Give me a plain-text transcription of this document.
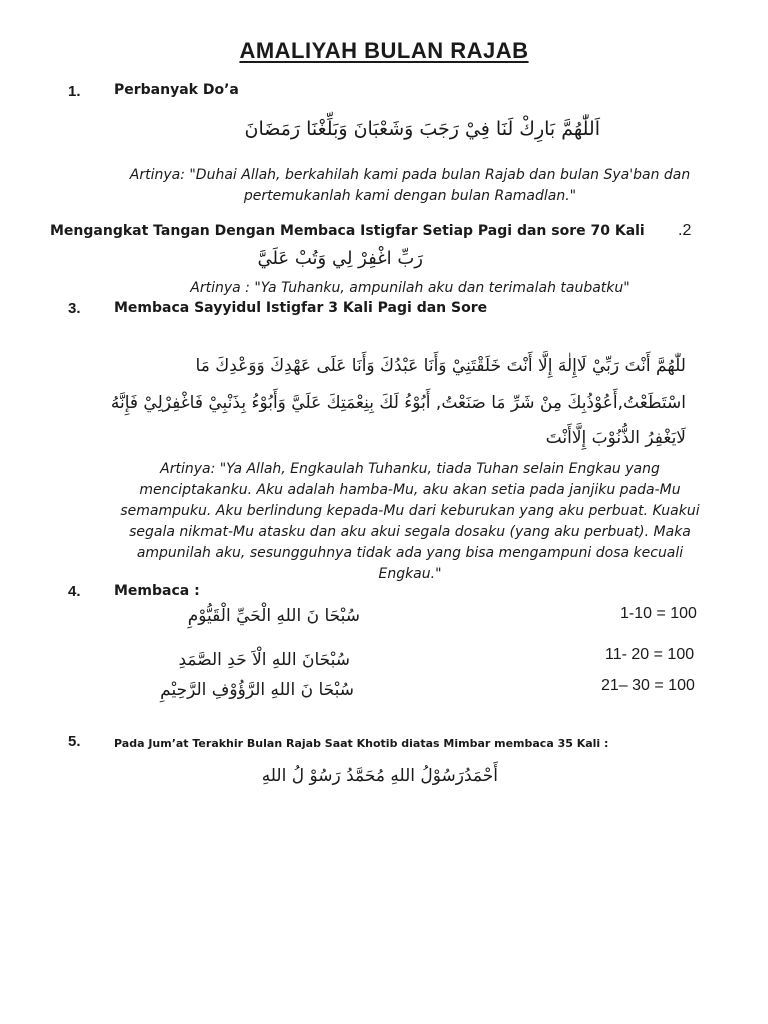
AMALIYAH BULAN RAJAB
1. Perbanyak Do’a
اَللّٰهُمَّ بَارِكْ لَنَا فِيْ رَجَبَ وَشَعْبَانَ وَبَلِّغْنَا رَمَضَانَ
Artinya: "Duhai Allah, berkahilah kami pada bulan Rajab dan bulan Sya'ban dan
pertemukanlah kami dengan bulan Ramadlan."
Mengangkat Tangan Dengan Membaca Istigfar Setiap Pagi dan sore 70 Kali .2
رَبِّ اغْفِرْ لِي وَتُبْ عَلَيَّ
Artinya : "Ya Tuhanku, ampunilah aku dan terimalah taubatku"
3. Membaca Sayyidul Istigfar 3 Kali Pagi dan Sore
للّٰهُمَّ أَنْتَ رَبِّيْ لَاإِلٰهَ إِلَّا أَنْتَ خَلَقْتَنِيْ وَأَنَا عَبْدُكَ وَأَنَا عَلَى عَهْدِكَ وَوَعْدِكَ مَا
اسْتَطَعْتُ,أَعُوْذُبِكَ مِنْ شَرِّ مَا صَنَعْتُ, أَبُوْءُ لَكَ بِنِعْمَتِكَ عَلَيَّ وَأَبُوْءُ بِذَنْبِيْ فَاغْفِرْلِيْ فَإِنَّهُ
لَايَغْفِرُ الذُّنُوْبَ إِلَّاأَنْتَ
Artinya: "Ya Allah, Engkaulah Tuhanku, tiada Tuhan selain Engkau yang
menciptakanku. Aku adalah hamba-Mu, aku akan setia pada janjiku pada-Mu
semampuku. Aku berlindung kepada-Mu dari keburukan yang aku perbuat. Kuakui
segala nikmat-Mu atasku dan aku akui segala dosaku (yang aku perbuat). Maka
ampunilah aku, sesungguhnya tidak ada yang bisa mengampuni dosa kecuali
Engkau."
4. Membaca :
سُبْحَا نَ اللهِ الْحَيِّ الْقَيُّوْمِ	1-10 = 100
سُبْحَانَ اللهِ الْاَ حَدِ الصَّمَدِ	11- 20 = 100
سُبْحَا نَ اللهِ الرَّؤُوْفِ الرَّحِيْمِ	21– 30 = 100
5.	Pada Jum’at Terakhir Bulan Rajab Saat Khotib diatas Mimbar membaca 35 Kali :
أَحْمَدُرَسُوْلُ اللهِ مُحَمَّدُ رَسُوْ لُ اللهِ
